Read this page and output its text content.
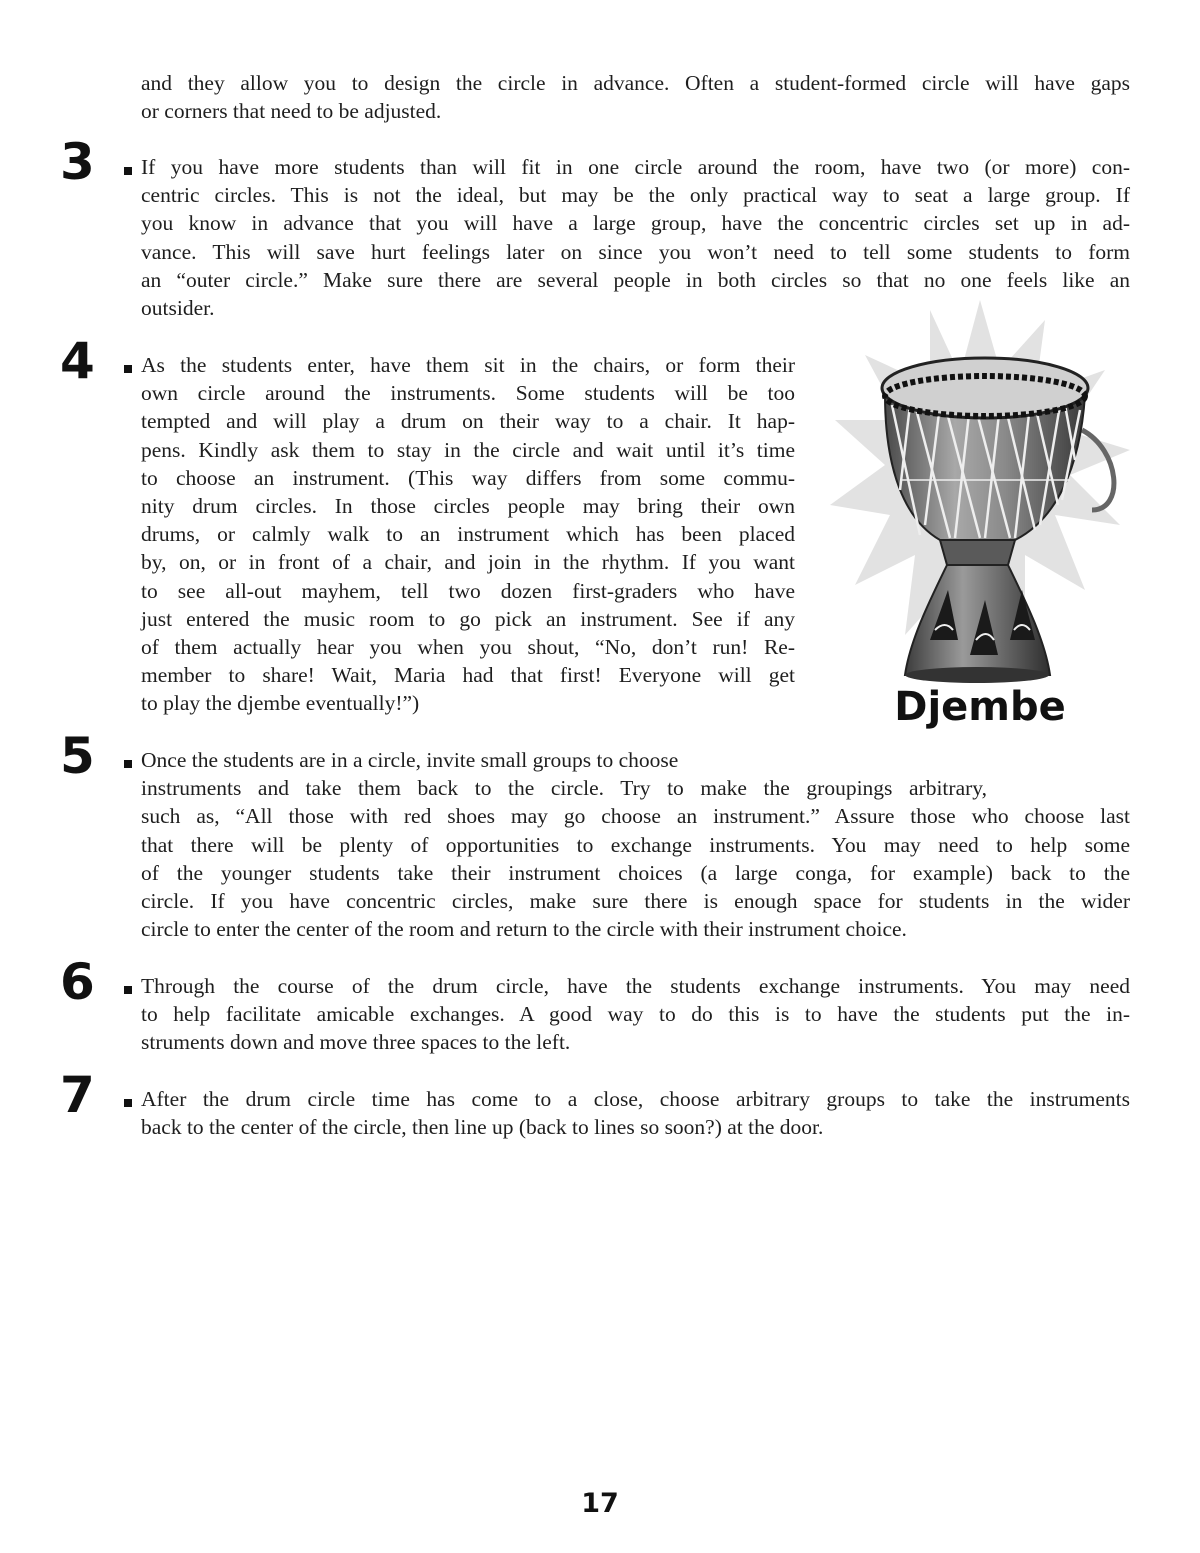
and they allow you to design the circle in advance. Often a student-formed circle will have gaps
or corners that need to be adjusted.

3 If you have more students than will fit in one circle around the room, have two (or more) con-
centric circles. This is not the ideal, but may be the only practical way to seat a large group. If
you know in advance that you will have a large group, have the concentric circles set up in ad-
vance. This will save hurt feelings later on since you won’t need to tell some students to form
an “outer circle.” Make sure there are several people in both circles so that no one feels like an
outsider.

4 As the students enter, have them sit in the chairs, or form their
own circle around the instruments. Some students will be too
tempted and will play a drum on their way to a chair. It hap-
pens. Kindly ask them to stay in the circle and wait until it’s time
to choose an instrument. (This way differs from some commu-
nity drum circles. In those circles people may bring their own
drums, or calmly walk to an instrument which has been placed
by, on, or in front of a chair, and join in the rhythm. If you want
to see all-out mayhem, tell two dozen first-graders who have
just entered the music room to go pick an instrument. See if any
of them actually hear you when you shout, “No, don’t run! Re-
member to share! Wait, Maria had that first! Everyone will get
to play the djembe eventually!”)	Djembe
5 Once the students are in a circle, invite small groups to choose
instruments and take them back to the circle. Try to make the groupings arbitrary,
such as, “All those with red shoes may go choose an instrument.” Assure those who choose last
that there will be plenty of opportunities to exchange instruments. You may need to help some
of the younger students take their instrument choices (a large conga, for example) back to the
circle. If you have concentric circles, make sure there is enough space for students in the wider
circle to enter the center of the room and return to the circle with their instrument choice.

6 Through the course of the drum circle, have the students exchange instruments. You may need
to help facilitate amicable exchanges. A good way to do this is to have the students put the in-
struments down and move three spaces to the left.

7 After the drum circle time has come to a close, choose arbitrary groups to take the instruments
back to the center of the circle, then line up (back to lines so soon?) at the door.

17
